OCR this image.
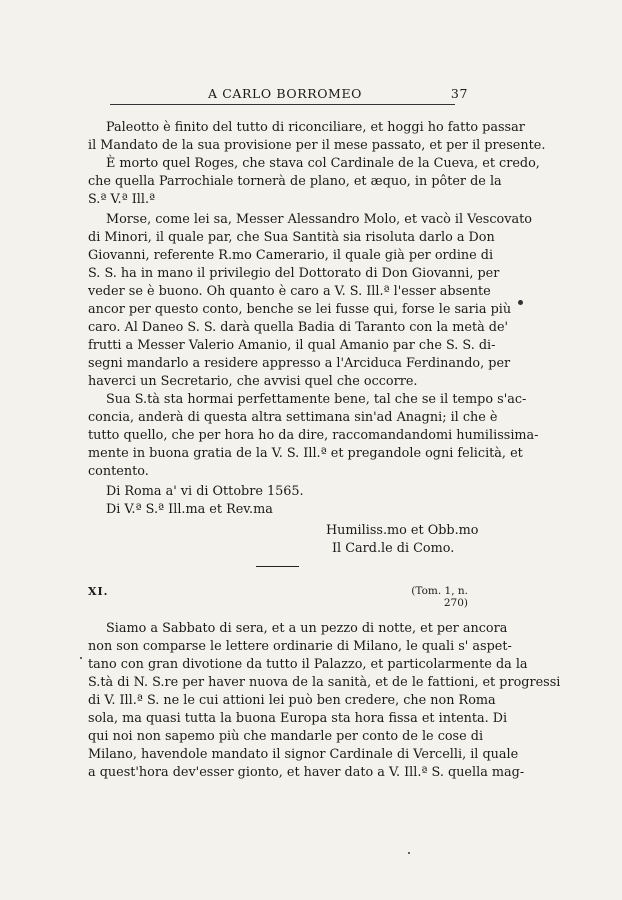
A CARLO BORROMEO	37
Paleotto è finito del tutto di riconciliare, et hoggi ho fatto passar
il Mandato de la sua provisione per il mese passato, et per il presente.
È morto quel Roges, che stava col Cardinale de la Cueva, et credo,
che quella Parrochiale tornerà de plano, et æquo, in pôter de la
S.ª V.ª Ill.ª
Morse, come lei sa, Messer Alessandro Molo, et vacò il Vescovato
di Minori, il quale par, che Sua Santità sia risoluta darlo a Don
Giovanni, referente R.mo Camerario, il quale già per ordine di
S. S. ha in mano il privilegio del Dottorato di Don Giovanni, per
veder se è buono. Oh quanto è caro a V. S. Ill.ª l'esser absente
ancor per questo conto, benche se lei fusse qui, forse le saria più
caro. Al Daneo S. S. darà quella Badia di Taranto con la metà de'
frutti a Messer Valerio Amanio, il qual Amanio par che S. S. di-
segni mandarlo a residere appresso a l'Arciduca Ferdinando, per
haverci un Secretario, che avvisi quel che occorre.
Sua S.tà sta hormai perfettamente bene, tal che se il tempo s'ac-
concia, anderà di questa altra settimana sin'ad Anagni; il che è
tutto quello, che per hora ho da dire, raccomandandomi humilissima-
mente in buona gratia de la V. S. Ill.ª et pregandole ogni felicità, et
contento.
Di Roma a' vi di Ottobre 1565.
Di V.ª S.ª Ill.ma et Rev.ma
Humiliss.mo et Obb.mo
Il Card.le di Como.
XI.	(Tom. 1, n. 270)
Siamo a Sabbato di sera, et a un pezzo di notte, et per ancora
non son comparse le lettere ordinarie di Milano, le quali s' aspet-
tano con gran divotione da tutto il Palazzo, et particolarmente da la
S.tà di N. S.re per haver nuova de la sanità, et de le fattioni, et progressi
di V. Ill.ª S. ne le cui attioni lei può ben credere, che non Roma
sola, ma quasi tutta la buona Europa sta hora fissa et intenta. Di
qui noi non sapemo più che mandarle per conto de le cose di
Milano, havendole mandato il signor Cardinale di Vercelli, il quale
a quest'hora dev'esser gionto, et haver dato a V. Ill.ª S. quella mag-
